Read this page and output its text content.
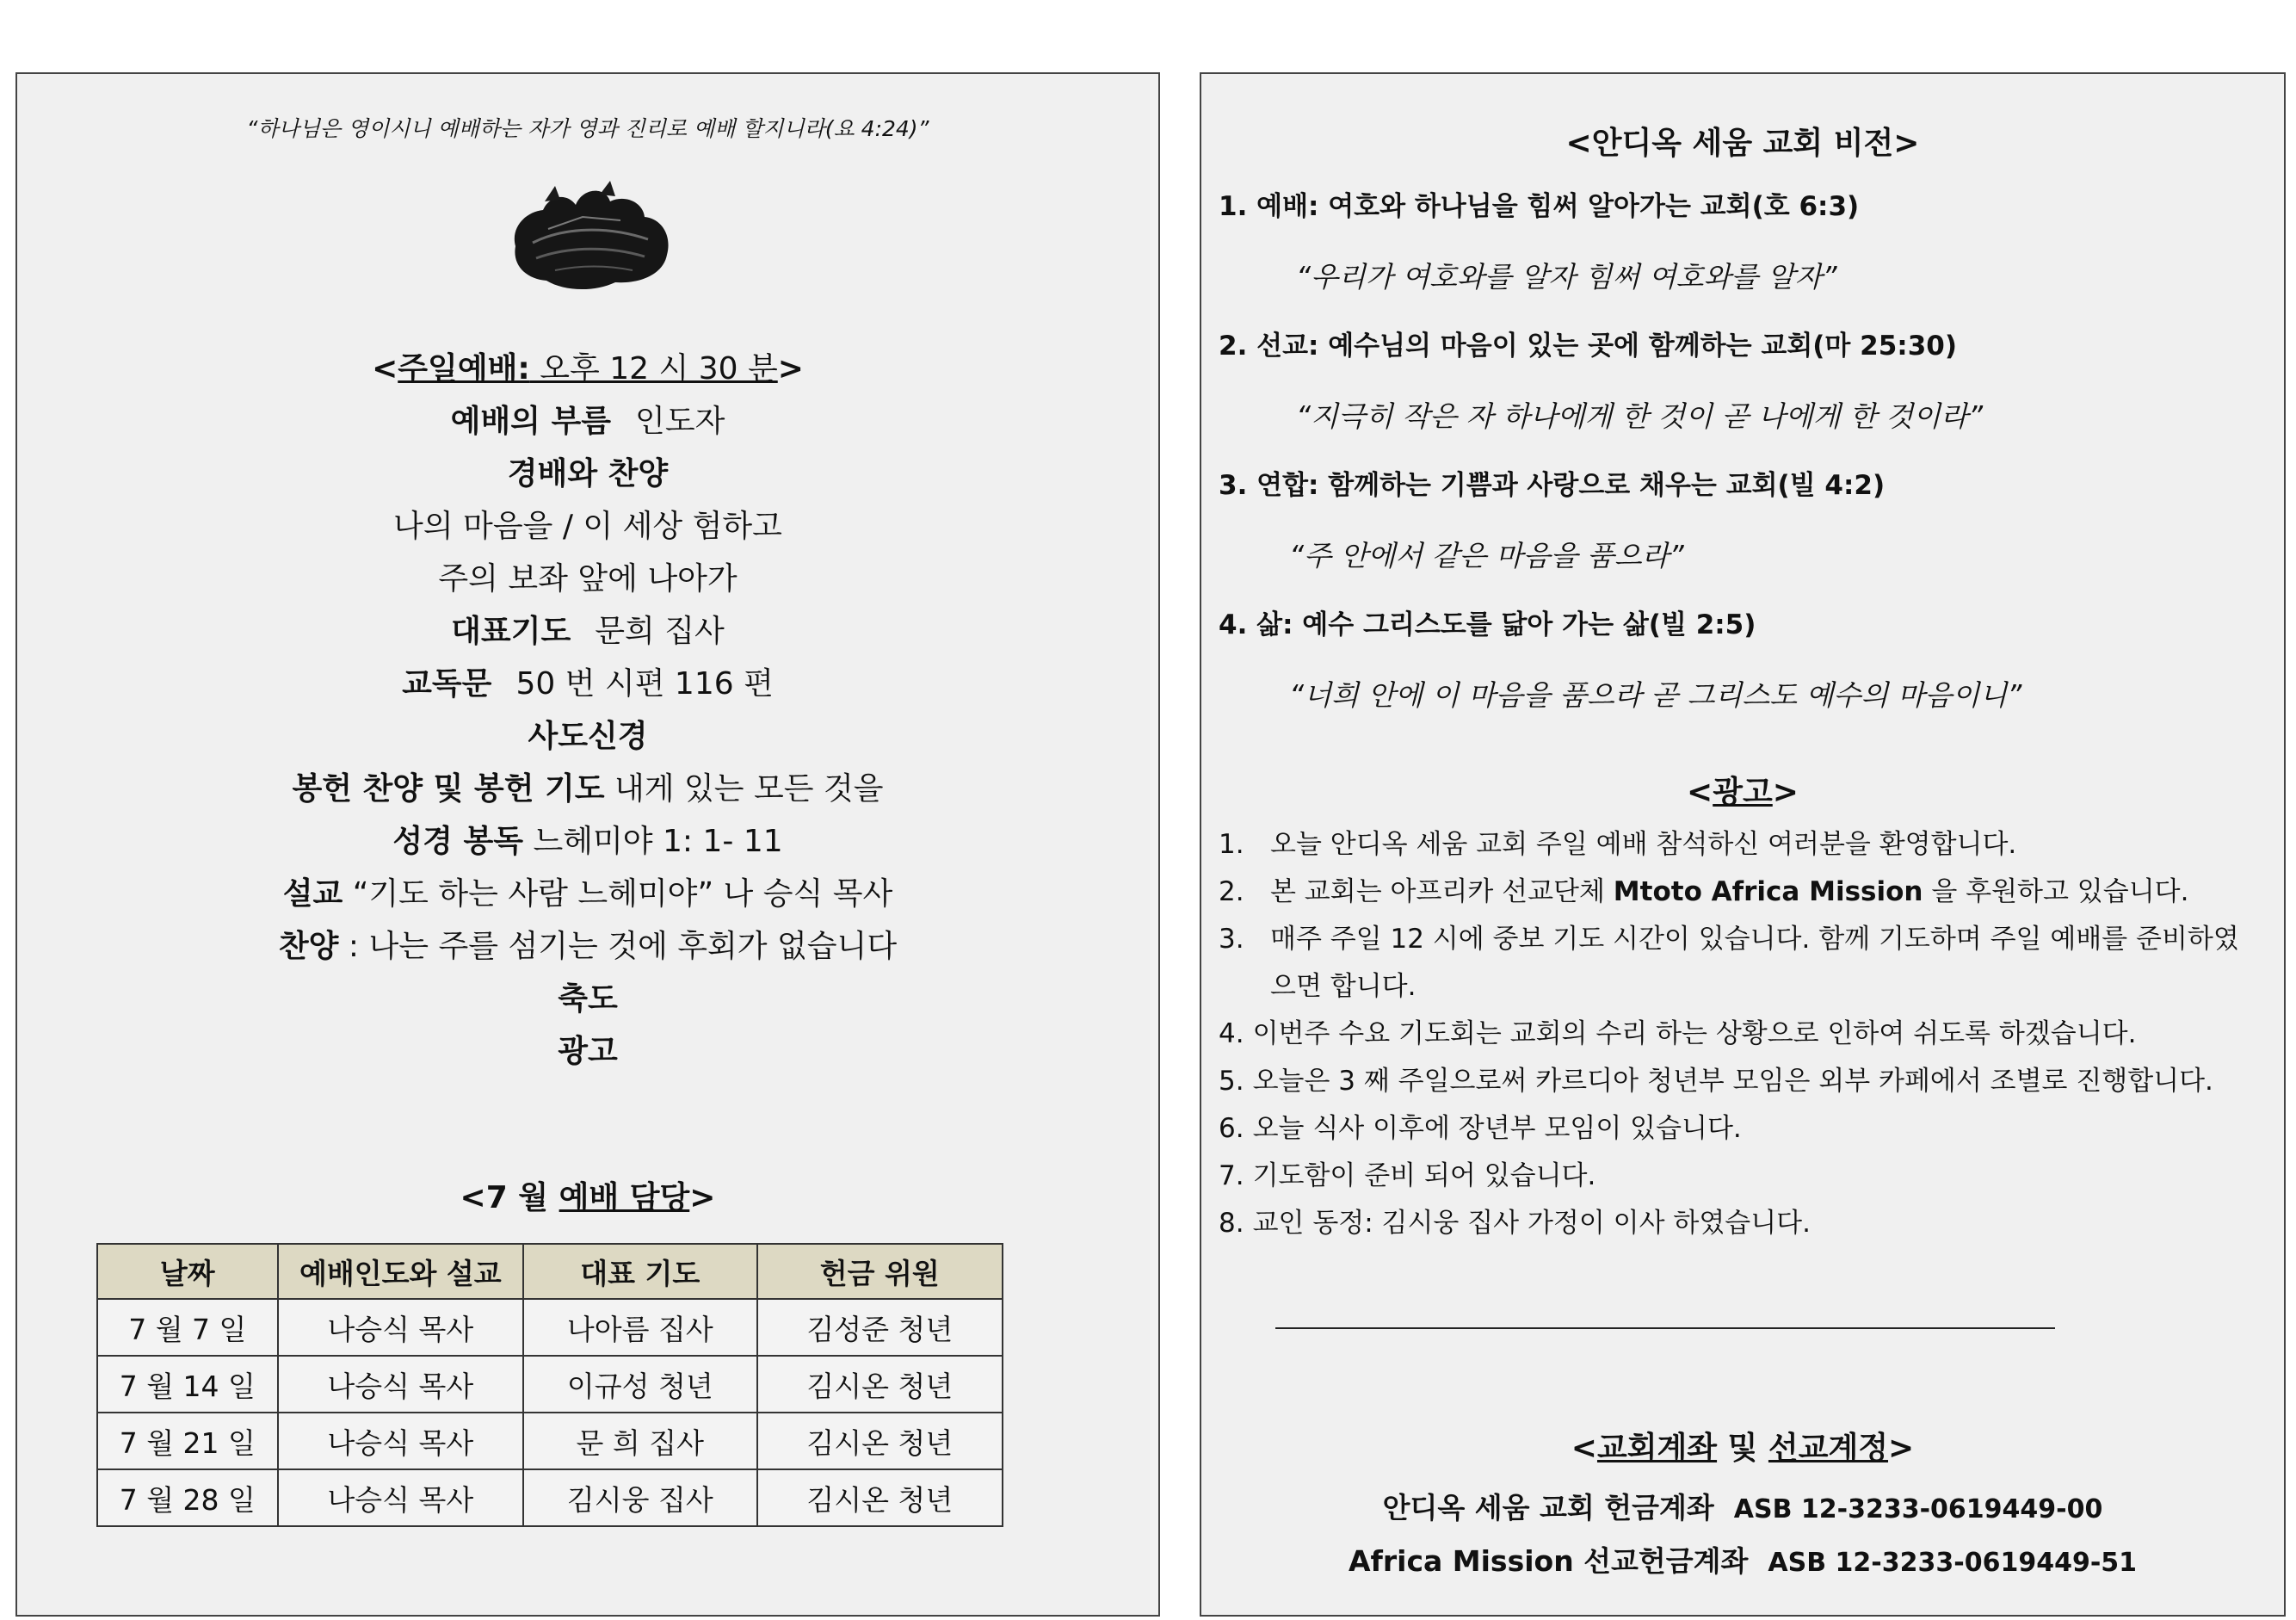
“하나님은 영이시니 예배하는 자가 영과 진리로 예배 할지니라(요 4:24)”
<주일예배: 오후 12 시 30 분>
예배의 부름 인도자
경배와 찬양
나의 마음을 / 이 세상 험하고
주의 보좌 앞에 나아가
대표기도 문희 집사
교독문 50 번 시편 116 편
사도신경
봉헌 찬양 및 봉헌 기도 내게 있는 모든 것을
성경 봉독 느헤미야 1: 1- 11
설교 “기도 하는 사람 느헤미야” 나 승식 목사
찬양 : 나는 주를 섬기는 것에 후회가 없습니다
축도
광고
<7 월 예배 담당>
날짜	예배인도와 설교	대표 기도	헌금 위원
7 월 7 일	나승식 목사	나아름 집사	김성준 청년
7 월 14 일	나승식 목사	이규성 청년	김시온 청년
7 월 21 일	나승식 목사	문 희 집사	김시온 청년
7 월 28 일	나승식 목사	김시웅 집사	김시온 청년
<안디옥 세움 교회 비전>
1. 예배: 여호와 하나님을 힘써 알아가는 교회(호 6:3)
“우리가 여호와를 알자 힘써 여호와를 알자”
2. 선교: 예수님의 마음이 있는 곳에 함께하는 교회(마 25:30)
“지극히 작은 자 하나에게 한 것이 곧 나에게 한 것이라”
3. 연합: 함께하는 기쁨과 사랑으로 채우는 교회(빌 4:2)
“주 안에서 같은 마음을 품으라”
4. 삶: 예수 그리스도를 닮아 가는 삶(빌 2:5)
“너희 안에 이 마음을 품으라 곧 그리스도 예수의 마음이니”
<광고>
1. 오늘 안디옥 세움 교회 주일 예배 참석하신 여러분을 환영합니다.
2. 본 교회는 아프리카 선교단체 Mtoto Africa Mission 을 후원하고 있습니다.
3. 매주 주일 12 시에 중보 기도 시간이 있습니다. 함께 기도하며 주일 예배를 준비하였으면 합니다.
4. 이번주 수요 기도회는 교회의 수리 하는 상황으로 인하여 쉬도록 하겠습니다.
5. 오늘은 3 째 주일으로써 카르디아 청년부 모임은 외부 카페에서 조별로 진행합니다.
6. 오늘 식사 이후에 장년부 모임이 있습니다.
7. 기도함이 준비 되어 있습니다.
8. 교인 동정: 김시웅 집사 가정이 이사 하였습니다.
<교회계좌 및 선교계정>
안디옥 세움 교회 헌금계좌 ASB 12-3233-0619449-00
Africa Mission 선교헌금계좌 ASB 12-3233-0619449-51
